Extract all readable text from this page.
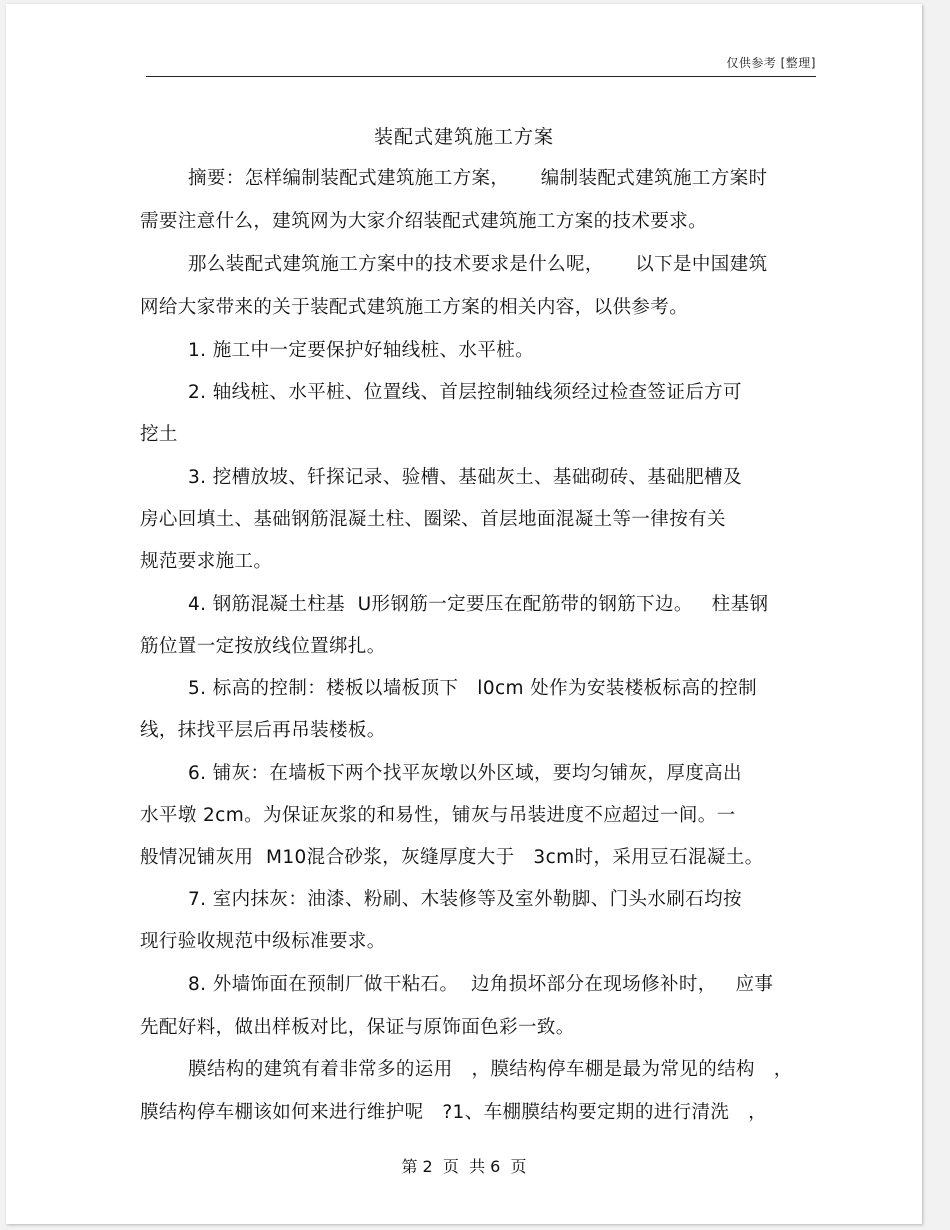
仅供参考 [整理]
装配式建筑施工方案
摘要：怎样编制装配式建筑施工方案，     编制装配式建筑施工方案时
需要注意什么，建筑网为大家介绍装配式建筑施工方案的技术要求。
那么装配式建筑施工方案中的技术要求是什么呢，     以下是中国建筑
网给大家带来的关于装配式建筑施工方案的相关内容，以供参考。
1. 施工中一定要保护好轴线桩、水平桩。
2. 轴线桩、水平桩、位置线、首层控制轴线须经过检查签证后方可
挖土
3. 挖槽放坡、钎探记录、验槽、基础灰土、基础砌砖、基础肥槽及
房心回填土、基础钢筋混凝土柱、圈梁、首层地面混凝土等一律按有关
规范要求施工。
4. 钢筋混凝土柱基  U形钢筋一定要压在配筋带的钢筋下边。   柱基钢
筋位置一定按放线位置绑扎。
5. 标高的控制：楼板以墙板顶下   l0cm 处作为安装楼板标高的控制
线，抹找平层后再吊装楼板。
6. 铺灰：在墙板下两个找平灰墩以外区域，要均匀铺灰，厚度高出
水平墩 2cm。为保证灰浆的和易性，铺灰与吊装进度不应超过一间。一
般情况铺灰用  M10混合砂浆，灰缝厚度大于   3cm时，采用豆石混凝土。
7. 室内抹灰：油漆、粉刷、木装修等及室外勒脚、门头水刷石均按
现行验收规范中级标准要求。
8. 外墙饰面在预制厂做干粘石。  边角损坏部分在现场修补时，   应事
先配好料，做出样板对比，保证与原饰面色彩一致。
膜结构的建筑有着非常多的运用   ，膜结构停车棚是最为常见的结构   ，
膜结构停车棚该如何来进行维护呢   ?1、车棚膜结构要定期的进行清洗   ，
第 2  页  共 6  页
